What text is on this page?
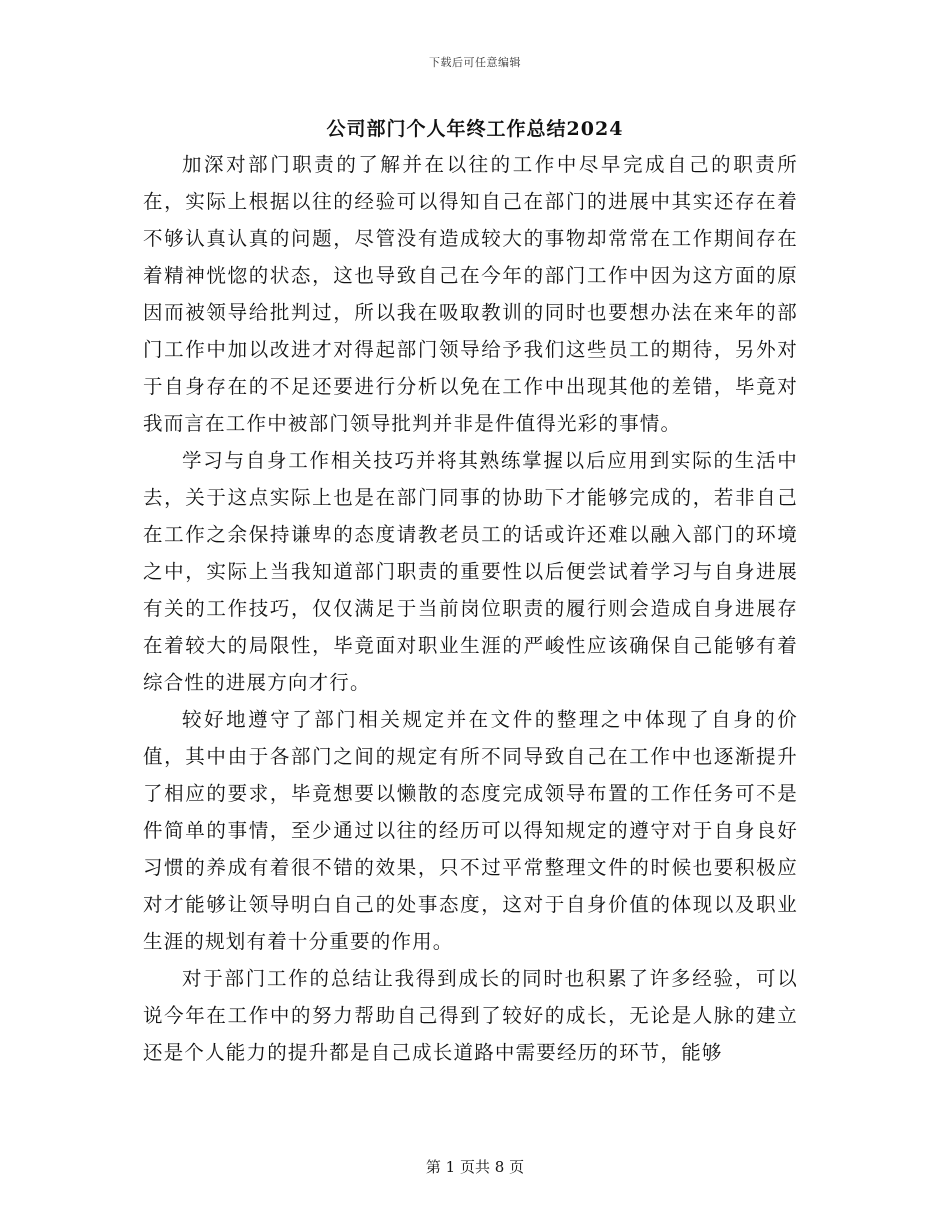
下载后可任意编辑
公司部门个人年终工作总结2024

加深对部门职责的了解并在以往的工作中尽早完成自己的职责所在，实际上根据以往的经验可以得知自己在部门的进展中其实还存在着不够认真认真的问题，尽管没有造成较大的事物却常常在工作期间存在着精神恍惚的状态，这也导致自己在今年的部门工作中因为这方面的原因而被领导给批判过，所以我在吸取教训的同时也要想办法在来年的部门工作中加以改进才对得起部门领导给予我们这些员工的期待，另外对于自身存在的不足还要进行分析以免在工作中出现其他的差错，毕竟对我而言在工作中被部门领导批判并非是件值得光彩的事情。

学习与自身工作相关技巧并将其熟练掌握以后应用到实际的生活中去，关于这点实际上也是在部门同事的协助下才能够完成的，若非自己在工作之余保持谦卑的态度请教老员工的话或许还难以融入部门的环境之中，实际上当我知道部门职责的重要性以后便尝试着学习与自身进展有关的工作技巧，仅仅满足于当前岗位职责的履行则会造成自身进展存在着较大的局限性，毕竟面对职业生涯的严峻性应该确保自己能够有着综合性的进展方向才行。

较好地遵守了部门相关规定并在文件的整理之中体现了自身的价值，其中由于各部门之间的规定有所不同导致自己在工作中也逐渐提升了相应的要求，毕竟想要以懒散的态度完成领导布置的工作任务可不是件简单的事情，至少通过以往的经历可以得知规定的遵守对于自身良好习惯的养成有着很不错的效果，只不过平常整理文件的时候也要积极应对才能够让领导明白自己的处事态度，这对于自身价值的体现以及职业生涯的规划有着十分重要的作用。

对于部门工作的总结让我得到成长的同时也积累了许多经验，可以说今年在工作中的努力帮助自己得到了较好的成长，无论是人脉的建立还是个人能力的提升都是自己成长道路中需要经历的环节，能够

第 1 页共 8 页
